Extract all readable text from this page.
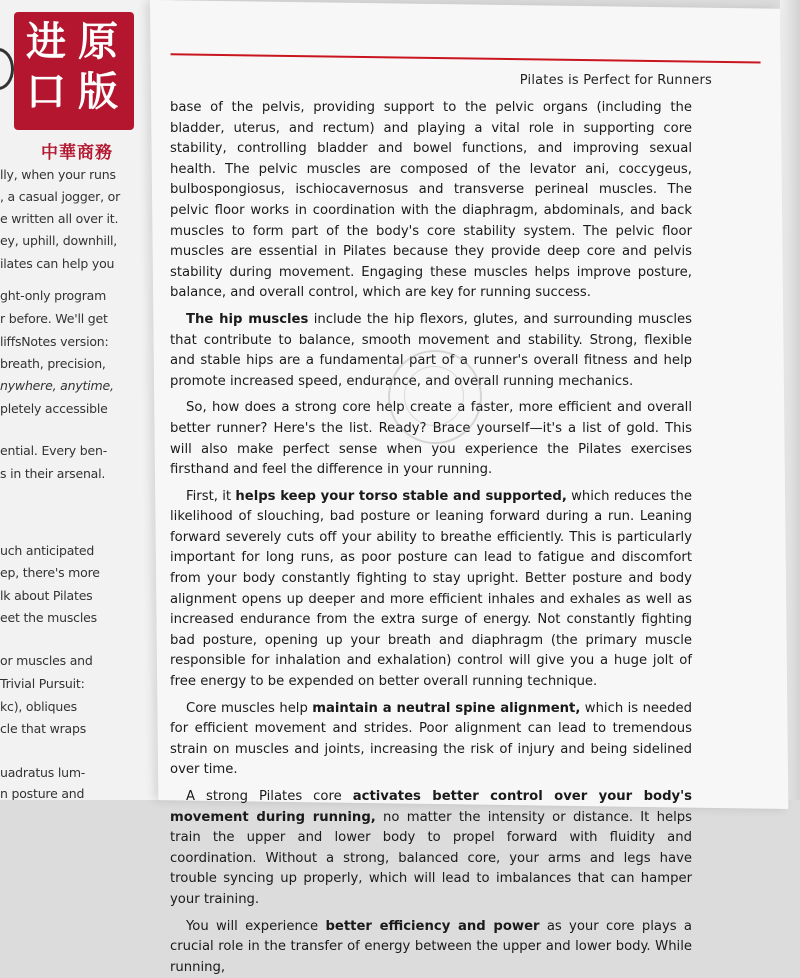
lly, when your runs
, a casual jogger, or
e written all over it.
ey, uphill, downhill,
ilates can help you
ght-only program
r before. We'll get
liffsNotes version:
breath, precision,
nywhere, anytime,
pletely accessible
ential. Every ben-
s in their arsenal.
uch anticipated
ep, there's more
lk about Pilates
eet the muscles
or muscles and
Trivial Pursuit:
kc), obliques
cle that wraps
uadratus lum-
n posture and
Pilates is Perfect for Runners

base of the pelvis, providing support to the pelvic organs (including the bladder, uterus, and rectum) and playing a vital role in supporting core stability, controlling bladder and bowel functions, and improving sexual health. The pelvic muscles are composed of the levator ani, coccygeus, bulbospongiosus, ischiocavernosus and transverse perineal muscles. The pelvic floor works in coordination with the diaphragm, abdominals, and back muscles to form part of the body's core stability system. The pelvic floor muscles are essential in Pilates because they provide deep core and pelvis stability during movement. Engaging these muscles helps improve posture, balance, and overall control, which are key for running success.

The hip muscles include the hip flexors, glutes, and surrounding muscles that contribute to balance, smooth movement and stability. Strong, flexible and stable hips are a fundamental part of a runner's overall fitness and help promote increased speed, endurance, and overall running mechanics.

So, how does a strong core help create a faster, more efficient and overall better runner? Here's the list. Ready? Brace yourself—it's a list of gold. This will also make perfect sense when you experience the Pilates exercises firsthand and feel the difference in your running.

First, it helps keep your torso stable and supported, which reduces the likelihood of slouching, bad posture or leaning forward during a run. Leaning forward severely cuts off your ability to breathe efficiently. This is particularly important for long runs, as poor posture can lead to fatigue and discomfort from your body constantly fighting to stay upright. Better posture and body alignment opens up deeper and more efficient inhales and exhales as well as increased endurance from the extra surge of energy. Not constantly fighting bad posture, opening up your breath and diaphragm (the primary muscle responsible for inhalation and exhalation) control will give you a huge jolt of free energy to be expended on better overall running technique.

Core muscles help maintain a neutral spine alignment, which is needed for efficient movement and strides. Poor alignment can lead to tremendous strain on muscles and joints, increasing the risk of injury and being sidelined over time.

A strong Pilates core activates better control over your body's movement during running, no matter the intensity or distance. It helps train the upper and lower body to propel forward with fluidity and coordination. Without a strong, balanced core, your arms and legs have trouble syncing up properly, which will lead to imbalances that can hamper your training.

You will experience better efficiency and power as your core plays a crucial role in the transfer of energy between the upper and lower body. While running,

进 原
口 版
中華商務
